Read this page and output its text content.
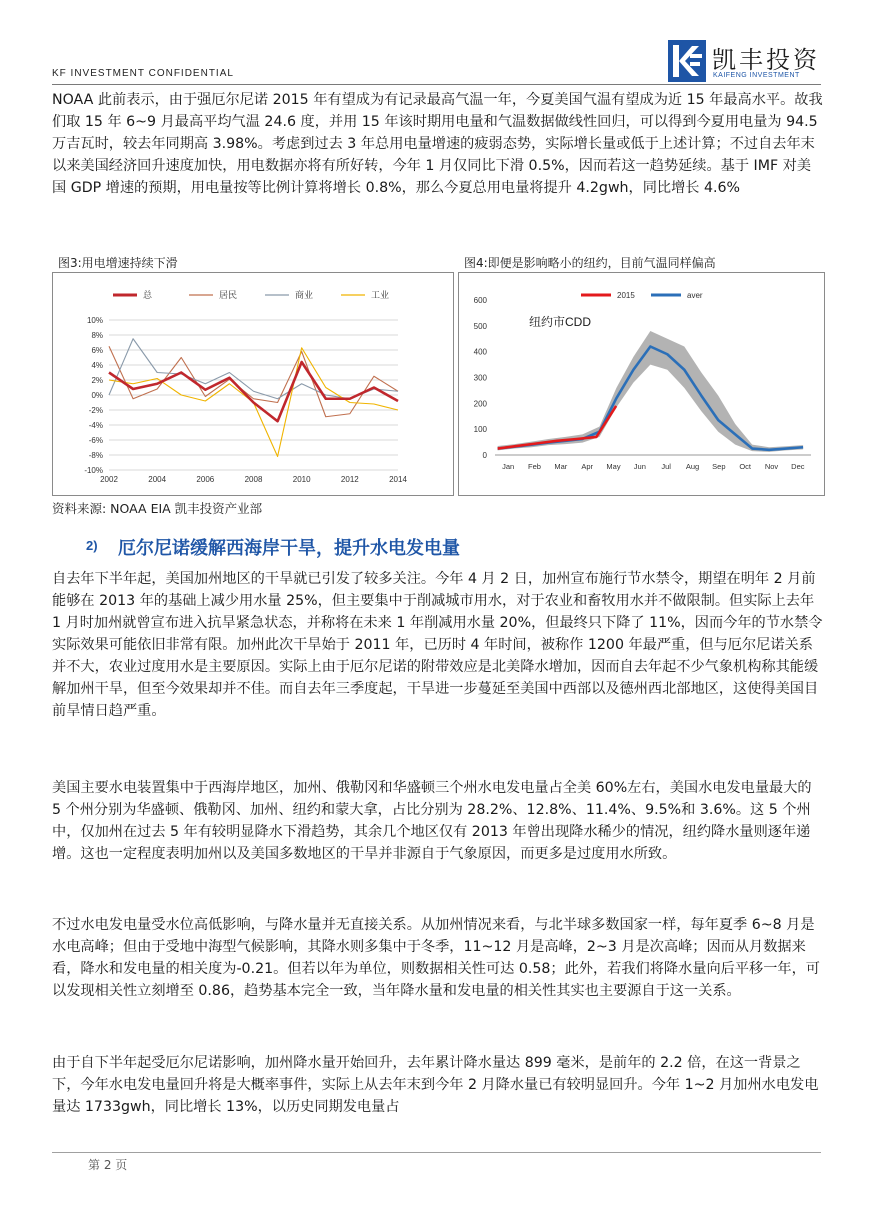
KF INVESTMENT CONFIDENTIAL	凯丰投资
KAIFENG INVESTMENT

NOAA 此前表示，由于强厄尔尼诺 2015 年有望成为有记录最高气温一年，今夏美国气温有望成为近 15 年最高水平。故我们取 15 年 6~9 月最高平均气温 24.6 度，并用 15 年该时期用电量和气温数据做线性回归，可以得到今夏用电量为 94.5 万吉瓦时，较去年同期高 3.98%。考虑到过去 3 年总用电量增速的疲弱态势，实际增长量或低于上述计算；不过自去年末以来美国经济回升速度加快，用电数据亦将有所好转，今年 1 月仅同比下滑 0.5%，因而若这一趋势延续。基于 IMF 对美国 GDP 增速的预期，用电量按等比例计算将增长 0.8%，那么今夏总用电量将提升 4.2gwh，同比增长 4.6%

图3:用电增速持续下滑	图4:即便是影响略小的纽约，目前气温同样偏高
10%
8%
6%
4%
2%
0%
-2%
-4%
-6%
-8%
-10%
2002	2004	2006	2008	2010	2012	2014
总	居民	商业	工业
0
100
200
300
400
500
600
Jan Feb Mar Apr May Jun Jul Aug Sep Oct Nov Dec
2015	aver
纽约市CDD
资料来源: NOAA EIA 凯丰投资产业部
2) 厄尔尼诺缓解西海岸干旱，提升水电发电量

自去年下半年起，美国加州地区的干旱就已引发了较多关注。今年 4 月 2 日，加州宣布施行节水禁令，期望在明年 2 月前能够在 2013 年的基础上减少用水量 25%，但主要集中于削减城市用水，对于农业和畜牧用水并不做限制。但实际上去年 1 月时加州就曾宣布进入抗旱紧急状态，并称将在未来 1 年削减用水量 20%，但最终只下降了 11%，因而今年的节水禁令实际效果可能依旧非常有限。加州此次干旱始于 2011 年，已历时 4 年时间，被称作 1200 年最严重，但与厄尔尼诺关系并不大，农业过度用水是主要原因。实际上由于厄尔尼诺的附带效应是北美降水增加，因而自去年起不少气象机构称其能缓解加州干旱，但至今效果却并不佳。而自去年三季度起，干旱进一步蔓延至美国中西部以及德州西北部地区，这使得美国目前旱情日趋严重。

美国主要水电装置集中于西海岸地区，加州、俄勒冈和华盛顿三个州水电发电量占全美 60%左右，美国水电发电量最大的 5 个州分别为华盛顿、俄勒冈、加州、纽约和蒙大拿，占比分别为 28.2%、12.8%、11.4%、9.5%和 3.6%。这 5 个州中，仅加州在过去 5 年有较明显降水下滑趋势，其余几个地区仅有 2013 年曾出现降水稀少的情况，纽约降水量则逐年递增。这也一定程度表明加州以及美国多数地区的干旱并非源自于气象原因，而更多是过度用水所致。

不过水电发电量受水位高低影响，与降水量并无直接关系。从加州情况来看，与北半球多数国家一样，每年夏季 6~8 月是水电高峰；但由于受地中海型气候影响，其降水则多集中于冬季，11~12 月是高峰，2~3 月是次高峰；因而从月数据来看，降水和发电量的相关度为-0.21。但若以年为单位，则数据相关性可达 0.58；此外，若我们将降水量向后平移一年，可以发现相关性立刻增至 0.86，趋势基本完全一致，当年降水量和发电量的相关性其实也主要源自于这一关系。

由于自下半年起受厄尔尼诺影响，加州降水量开始回升，去年累计降水量达 899 毫米，是前年的 2.2 倍，在这一背景之下，今年水电发电量回升将是大概率事件，实际上从去年末到今年 2 月降水量已有较明显回升。今年 1~2 月加州水电发电量达 1733gwh，同比增长 13%，以历史同期发电量占

第 2 页
